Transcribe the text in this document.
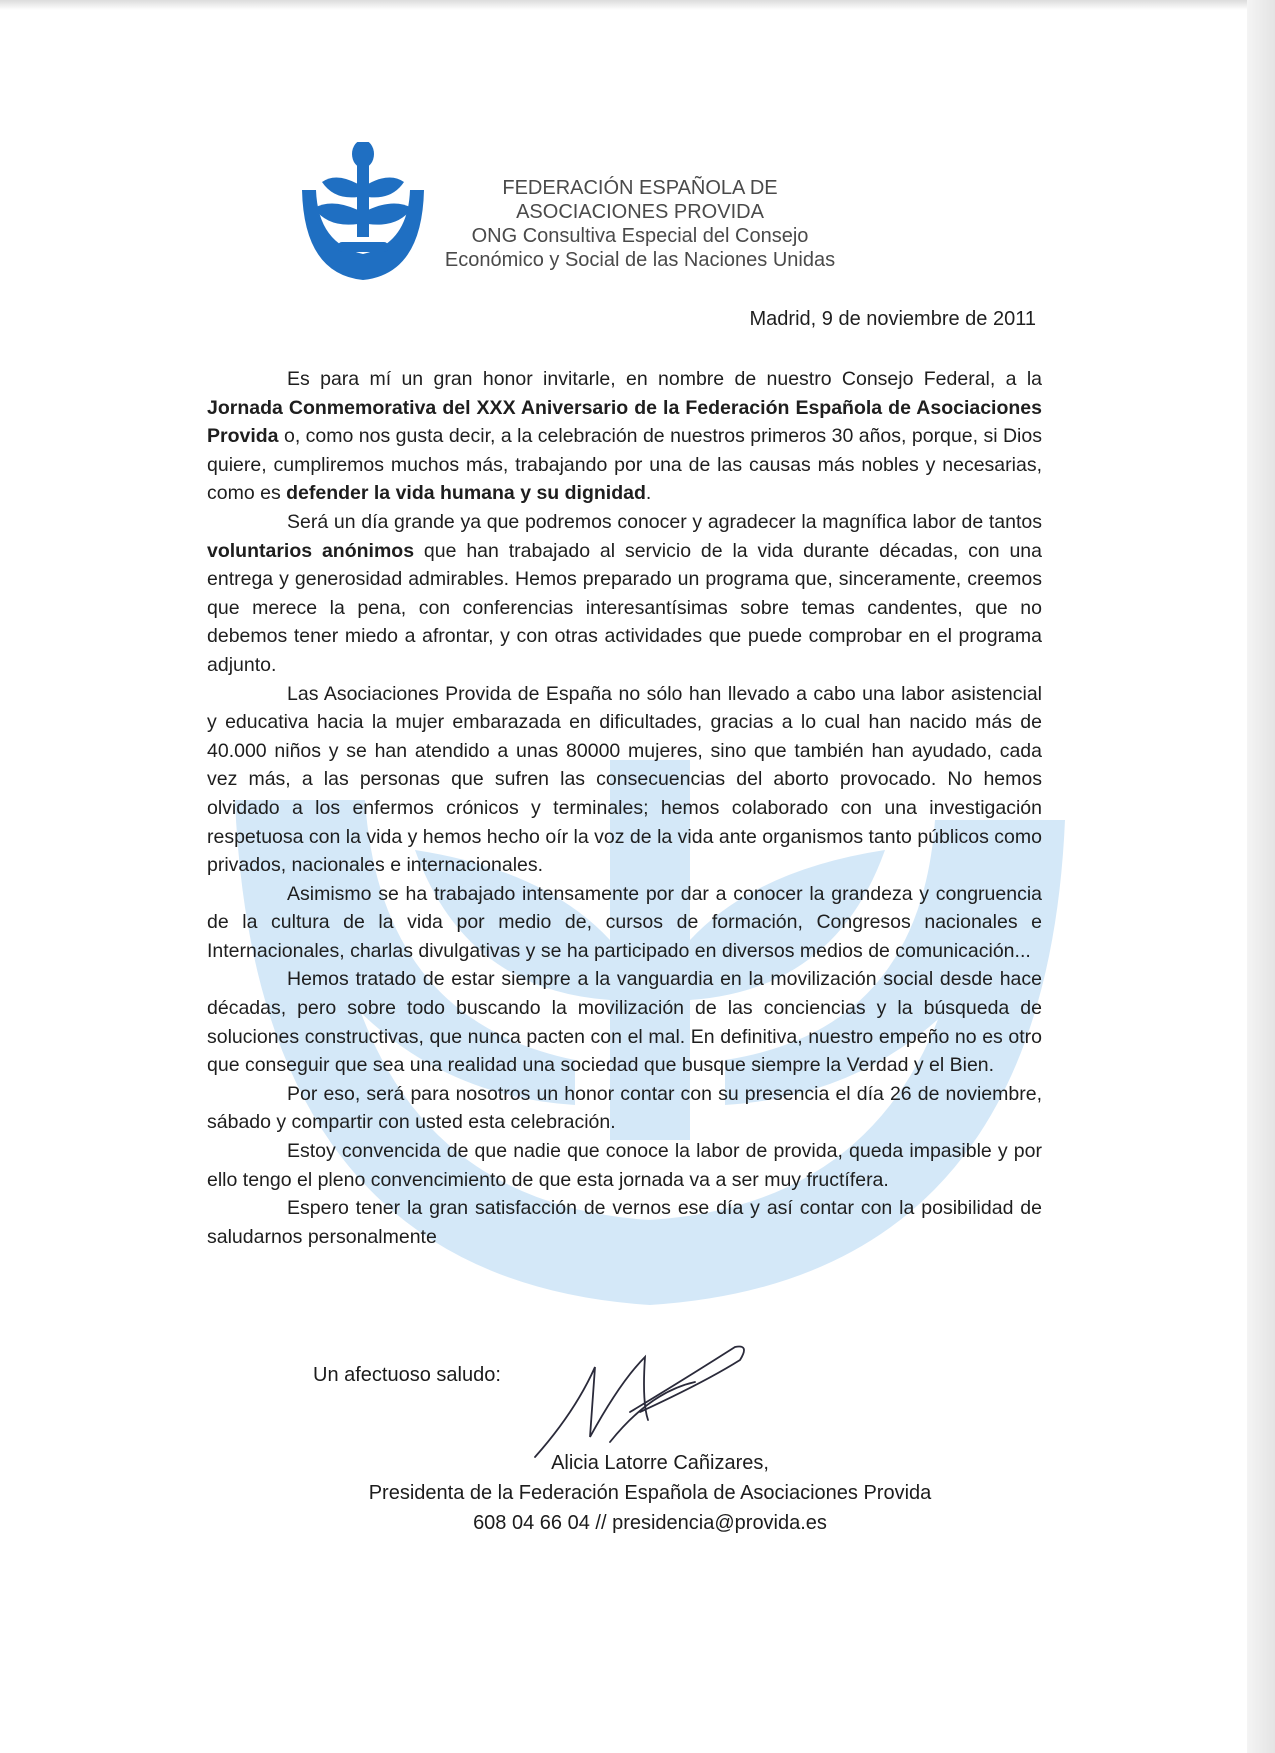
FEDERACIÓN ESPAÑOLA DE
ASOCIACIONES PROVIDA
ONG Consultiva Especial del Consejo
Económico y Social de las Naciones Unidas
Madrid, 9 de noviembre de 2011

Es para mí un gran honor invitarle, en nombre de nuestro Consejo Federal, a la Jornada Conmemorativa del XXX Aniversario de la Federación Española de Asociaciones Provida o, como nos gusta decir, a la celebración de nuestros primeros 30 años, porque, si Dios quiere, cumpliremos muchos más, trabajando por una de las causas más nobles y necesarias, como es defender la vida humana y su dignidad.

Será un día grande ya que podremos conocer y agradecer la magnífica labor de tantos voluntarios anónimos que han trabajado al servicio de la vida durante décadas, con una entrega y generosidad admirables. Hemos preparado un programa que, sinceramente, creemos que merece la pena, con conferencias interesantísimas sobre temas candentes, que no debemos tener miedo a afrontar, y con otras actividades que puede comprobar en el programa adjunto.

Las Asociaciones Provida de España no sólo han llevado a cabo una labor asistencial y educativa hacia la mujer embarazada en dificultades, gracias a lo cual han nacido más de 40.000 niños y se han atendido a unas 80000 mujeres, sino que también han ayudado, cada vez más, a las personas que sufren las consecuencias del aborto provocado. No hemos olvidado a los enfermos crónicos y terminales; hemos colaborado con una investigación respetuosa con la vida y hemos hecho oír la voz de la vida ante organismos tanto públicos como privados, nacionales e internacionales.

Asimismo se ha trabajado intensamente por dar a conocer la grandeza y congruencia de la cultura de la vida por medio de, cursos de formación, Congresos nacionales e Internacionales, charlas divulgativas y se ha participado en diversos medios de comunicación...

Hemos tratado de estar siempre a la vanguardia en la movilización social desde hace décadas, pero sobre todo buscando la movilización de las conciencias y la búsqueda de soluciones constructivas, que nunca pacten con el mal. En definitiva, nuestro empeño no es otro que conseguir que sea una realidad una sociedad que busque siempre la Verdad y el Bien.

Por eso, será para nosotros un honor contar con su presencia el día 26 de noviembre, sábado y compartir con usted esta celebración.

Estoy convencida de que nadie que conoce la labor de provida, queda impasible y por ello tengo el pleno convencimiento de que esta jornada va a ser muy fructífera.

Espero tener la gran satisfacción de vernos ese día y así contar con la posibilidad de saludarnos personalmente

Un afectuoso saludo:
Alicia Latorre Cañizares,
Presidenta de la Federación Española de Asociaciones Provida
608 04 66 04 // presidencia@provida.es
